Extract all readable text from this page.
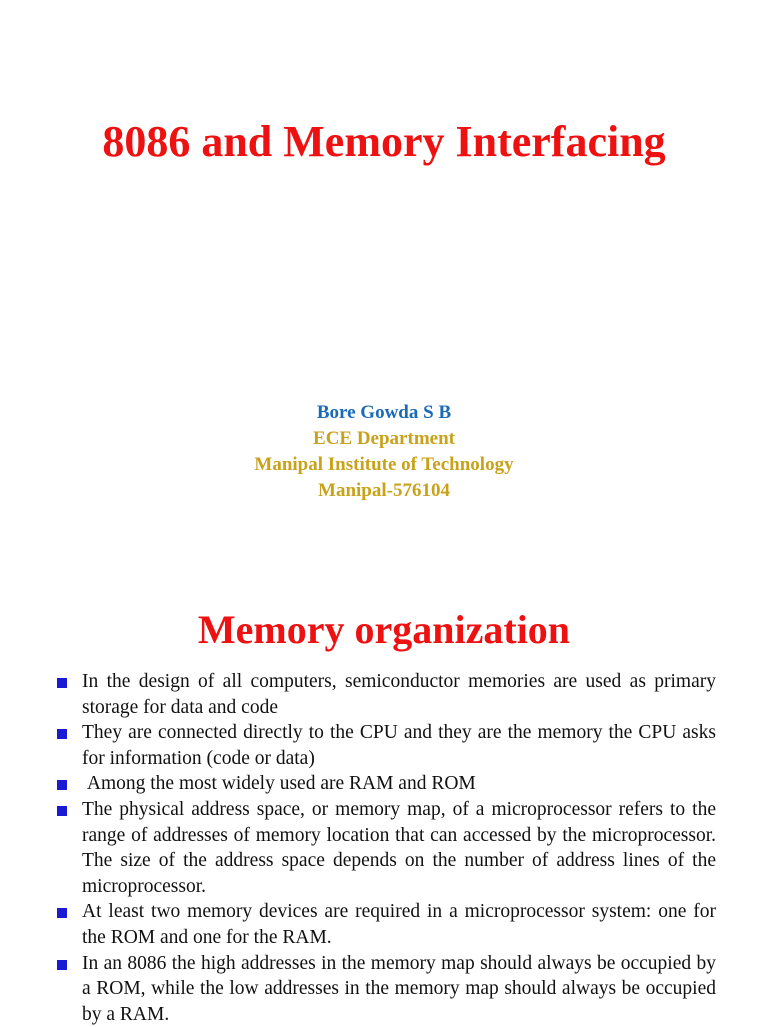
8086 and Memory Interfacing
Bore Gowda S B
ECE Department
Manipal Institute of Technology
Manipal-576104
Memory organization
In the design of all computers, semiconductor memories are used as primary storage for data and code
They are connected directly to the CPU and they are the memory the CPU asks for information (code or data)
Among the most widely used are RAM and ROM
The physical address space, or memory map, of a microprocessor refers to the range of addresses of memory location that can accessed by the microprocessor. The size of the address space depends on the number of address lines of the microprocessor.
At least two memory devices are required in a microprocessor system: one for the ROM and one for the RAM.
In an 8086 the high addresses in the memory map should always be occupied by a ROM, while the low addresses in the memory map should always be occupied by a RAM.
